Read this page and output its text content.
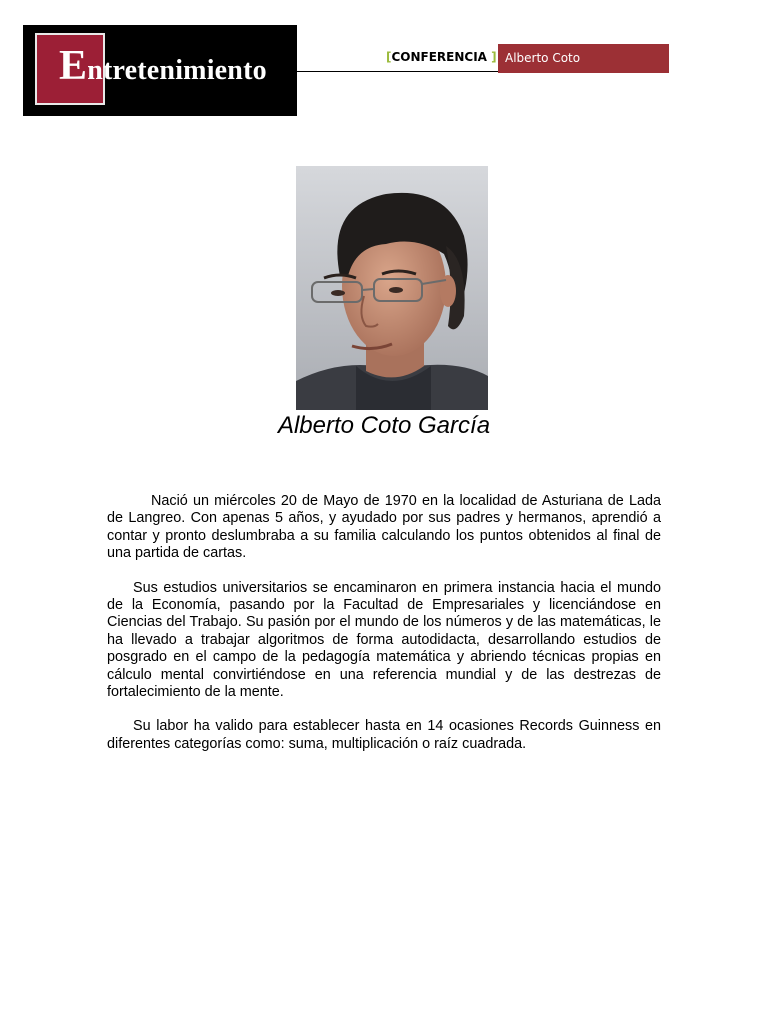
Entretenimiento	[CONFERENCIA ] Alberto Coto
Alberto Coto García

Nació un miércoles 20 de Mayo de 1970 en la localidad de Asturiana de Lada de Langreo. Con apenas 5 años, y ayudado por sus padres y hermanos, aprendió a contar y pronto deslumbraba a su familia calculando los puntos obtenidos al final de una partida de cartas.

Sus estudios universitarios se encaminaron en primera instancia hacia el mundo de la Economía, pasando por la Facultad de Empresariales y licenciándose en Ciencias del Trabajo. Su pasión por el mundo de los números y de las matemáticas, le ha llevado a trabajar algoritmos de forma autodidacta, desarrollando estudios de posgrado en el campo de la pedagogía matemática y abriendo técnicas propias en cálculo mental convirtiéndose en una referencia mundial y de las destrezas de fortalecimiento de la mente.

Su labor ha valido para establecer hasta en 14 ocasiones Records Guinness en diferentes categorías como: suma, multiplicación o raíz cuadrada.
